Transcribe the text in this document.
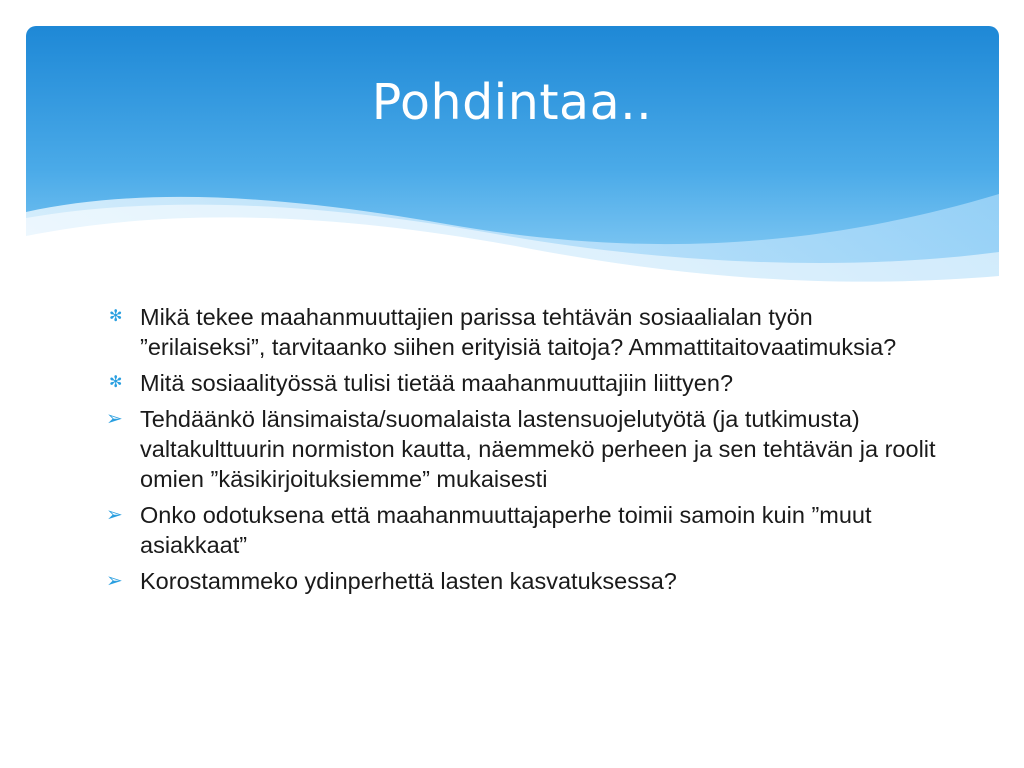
Pohdintaa..
✻ Mikä tekee maahanmuuttajien parissa tehtävän sosiaalialan työn ”erilaiseksi”, tarvitaanko siihen erityisiä taitoja? Ammattitaitovaatimuksia?
✻ Mitä sosiaalityössä tulisi tietää maahanmuuttajiin liittyen?
➢ Tehdäänkö länsimaista/suomalaista lastensuojelutyötä (ja tutkimusta) valtakulttuurin normiston kautta, näemmekö perheen ja sen tehtävän ja roolit omien ”käsikirjoituksiemme” mukaisesti
➢ Onko odotuksena että maahanmuuttajaperhe toimii samoin kuin ”muut asiakkaat”
➢ Korostammeko ydinperhettä lasten kasvatuksessa?
